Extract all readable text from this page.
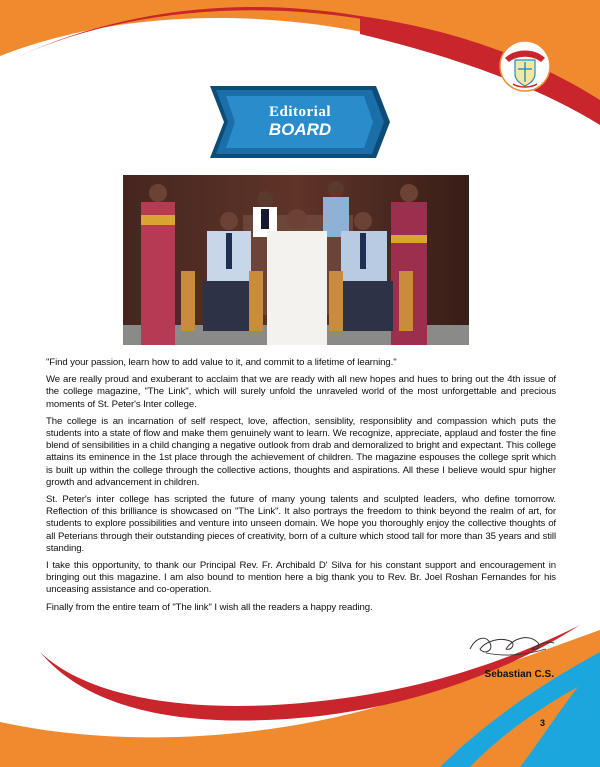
Editorial
BOARD

"Find your passion, learn how to add value to it, and commit to a lifetime of learning."

We are really proud and exuberant to acclaim that we are ready with all new hopes and hues to bring out the 4th issue of the college magazine, "The Link", which will surely unfold the unraveled world of the most unforgettable and precious moments of St. Peter's Inter college.

The college is an incarnation of self respect, love, affection, sensiblity, responsiblity and compassion which puts the students into a state of flow and make them genuinely want to learn. We recognize, appreciate, applaud and foster the fine blend of sensibilities in a child changing a negative outlook from drab and demoralized to bright and expectant. This college attains its eminence in the 1st place through the achievement of children. The magazine espouses the college sprit which is built up within the college through the collective actions, thoughts and aspirations. All these I believe would spur higher growth and advancement in children.

St. Peter's inter college has scripted the future of many young talents and sculpted leaders, who define tomorrow. Reflection of this brilliance is showcased on "The Link". It also portrays the freedom to think beyond the realm of art, for students to explore possibilities and venture into unseen domain. We hope you thoroughly enjoy the collective thoughts of all Peterians through their outstanding pieces of creativity, born of a culture which stood tall for more than 35 years and still standing.

I take this opportunity, to thank our Principal Rev. Fr. Archibald D' Silva for his constant support and encouragement in bringing out this magazine. I am also bound to mention here a big thank you to Rev. Br. Joel Roshan Fernandes for his unceasing assistance and co-operation.

Finally from the entire team of "The link" I wish all the readers a happy reading.

Sebastian C.S.
3
